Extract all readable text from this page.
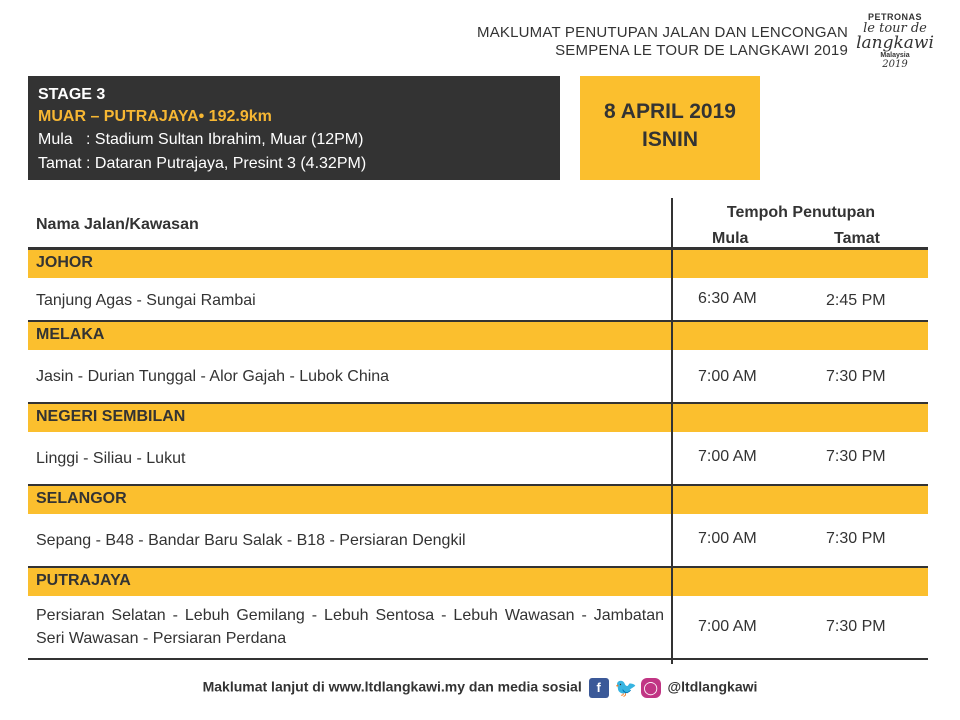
MAKLUMAT PENUTUPAN JALAN DAN LENCONGAN
SEMPENA LE TOUR DE LANGKAWI 2019
PETRONAS
le tour de
langkawi
Malaysia
2019
STAGE 3
MUAR – PUTRAJAYA• 192.9km
Mula   : Stadium Sultan Ibrahim, Muar (12PM)
Tamat : Dataran Putrajaya, Presint 3 (4.32PM)
8 APRIL 2019
ISNIN
Nama Jalan/Kawasan
Tempoh Penutupan
Mula	Tamat
JOHOR
Tanjung Agas - Sungai Rambai	6:30 AM	2:45 PM
MELAKA
Jasin - Durian Tunggal - Alor Gajah - Lubok China	7:00 AM	7:30 PM
NEGERI SEMBILAN
Linggi - Siliau - Lukut	7:00 AM	7:30 PM
SELANGOR
Sepang - B48 - Bandar Baru Salak - B18 - Persiaran Dengkil	7:00 AM	7:30 PM
PUTRAJAYA
Persiaran Selatan - Lebuh Gemilang - Lebuh Sentosa - Lebuh Wawasan - Jambatan Seri Wawasan - Persiaran Perdana
7:00 AM	7:30 PM
Maklumat lanjut di www.ltdlangkawi.my dan media sosial f 🐦 ◯ @ltdlangkawi
